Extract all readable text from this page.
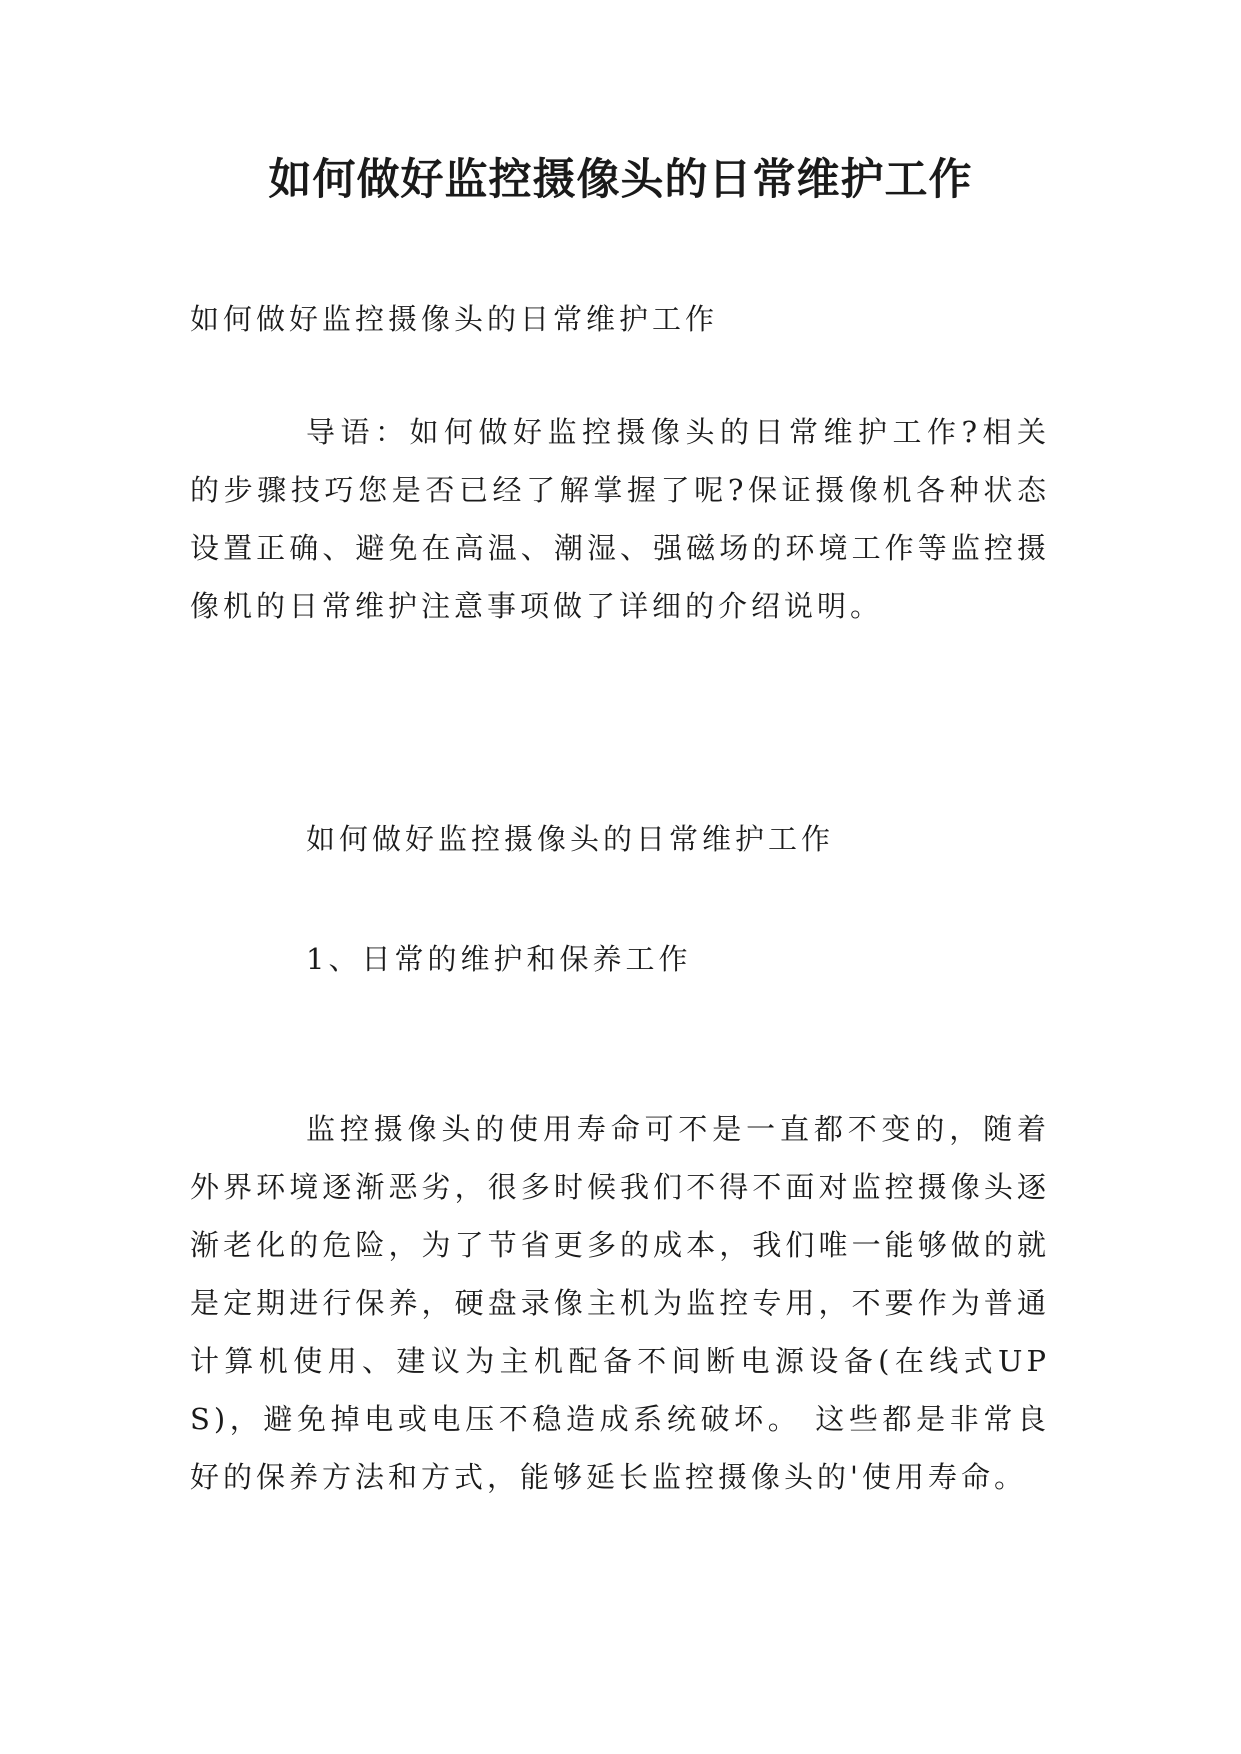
如何做好监控摄像头的日常维护工作

如何做好监控摄像头的日常维护工作

导语：如何做好监控摄像头的日常维护工作?相关的步骤技巧您是否已经了解掌握了呢?保证摄像机各种状态设置正确、避免在高温、潮湿、强磁场的环境工作等监控摄像机的日常维护注意事项做了详细的介绍说明。

如何做好监控摄像头的日常维护工作

1、日常的维护和保养工作

监控摄像头的使用寿命可不是一直都不变的，随着外界环境逐渐恶劣，很多时候我们不得不面对监控摄像头逐渐老化的危险，为了节省更多的成本，我们唯一能够做的就是定期进行保养，硬盘录像主机为监控专用，不要作为普通计算机使用、建议为主机配备不间断电源设备(在线式UPS)，避免掉电或电压不稳造成系统破坏。 这些都是非常良好的保养方法和方式，能够延长监控摄像头的'使用寿命。
